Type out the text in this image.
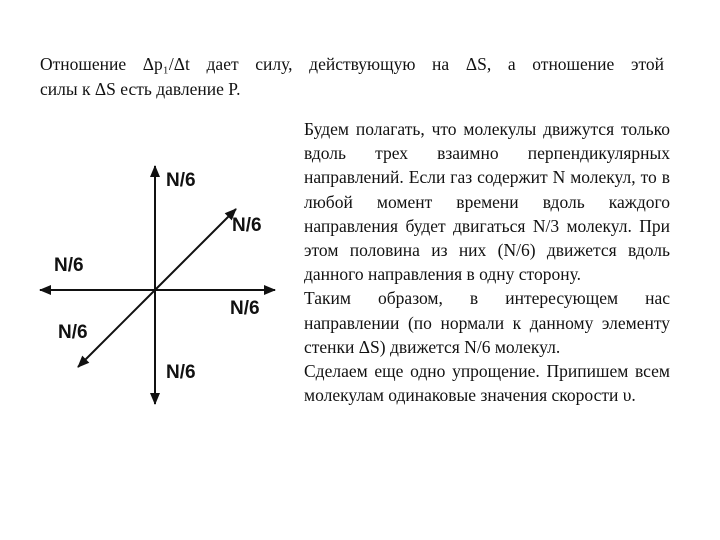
Отношение Δp₁/Δt дает силу, действующую на ΔS, а отношение этой
силы к ΔS есть давление P.
N/6
N/6
N/6
N/6
N/6
N/6

Будем полагать, что молекулы движутся только вдоль трех взаимно перпендикулярных направлений. Если газ содержит N молекул, то в любой момент времени вдоль каждого направления будет двигаться N/3 молекул. При этом половина из них (N/6) движется вдоль данного направления в одну сторону.

Таким образом, в интересующем нас направлении (по нормали к данному элементу стенки ΔS) движется N/6 молекул.

Сделаем еще одно упрощение. Припишем всем молекулам одинаковые значения скорости υ.
